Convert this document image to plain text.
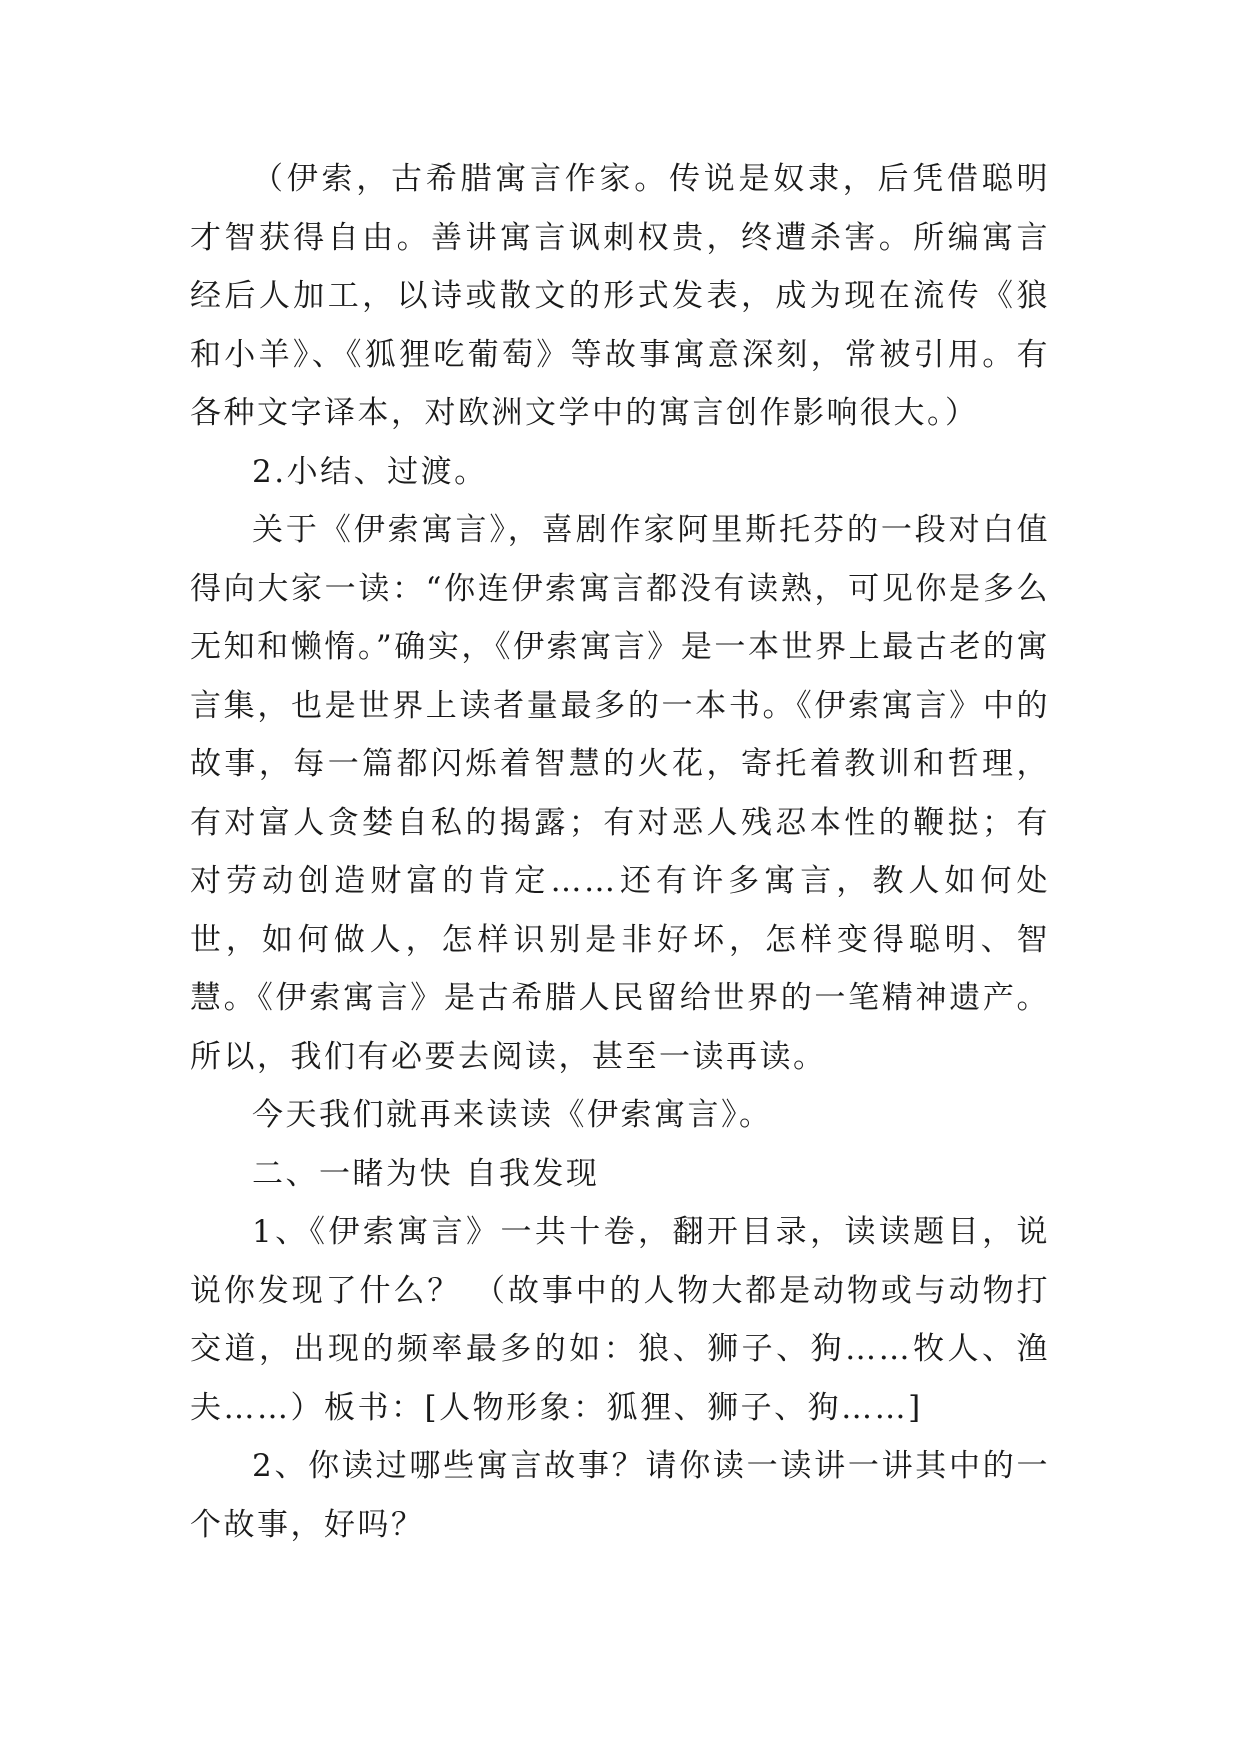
（伊索，古希腊寓言作家。传说是奴隶，后凭借聪明才智获得自由。善讲寓言讽刺权贵，终遭杀害。所编寓言经后人加工，以诗或散文的形式发表，成为现在流传《狼和小羊》、《狐狸吃葡萄》等故事寓意深刻，常被引用。有各种文字译本，对欧洲文学中的寓言创作影响很大。）

2.小结、过渡。

关于《伊索寓言》，喜剧作家阿里斯托芬的一段对白值得向大家一读：“你连伊索寓言都没有读熟，可见你是多么无知和懒惰。”确实，《伊索寓言》是一本世界上最古老的寓言集，也是世界上读者量最多的一本书。《伊索寓言》中的故事，每一篇都闪烁着智慧的火花，寄托着教训和哲理，有对富人贪婪自私的揭露；有对恶人残忍本性的鞭挞；有对劳动创造财富的肯定……还有许多寓言，教人如何处世，如何做人，怎样识别是非好坏，怎样变得聪明、智慧。《伊索寓言》是古希腊人民留给世界的一笔精神遗产。所以，我们有必要去阅读，甚至一读再读。

今天我们就再来读读《伊索寓言》。

二、一睹为快 自我发现

1、《伊索寓言》一共十卷，翻开目录，读读题目，说说你发现了什么？ （故事中的人物大都是动物或与动物打交道，出现的频率最多的如：狼、狮子、狗……牧人、渔夫……）板书：[人物形象：狐狸、狮子、狗……]

2、你读过哪些寓言故事？请你读一读讲一讲其中的一个故事，好吗？
